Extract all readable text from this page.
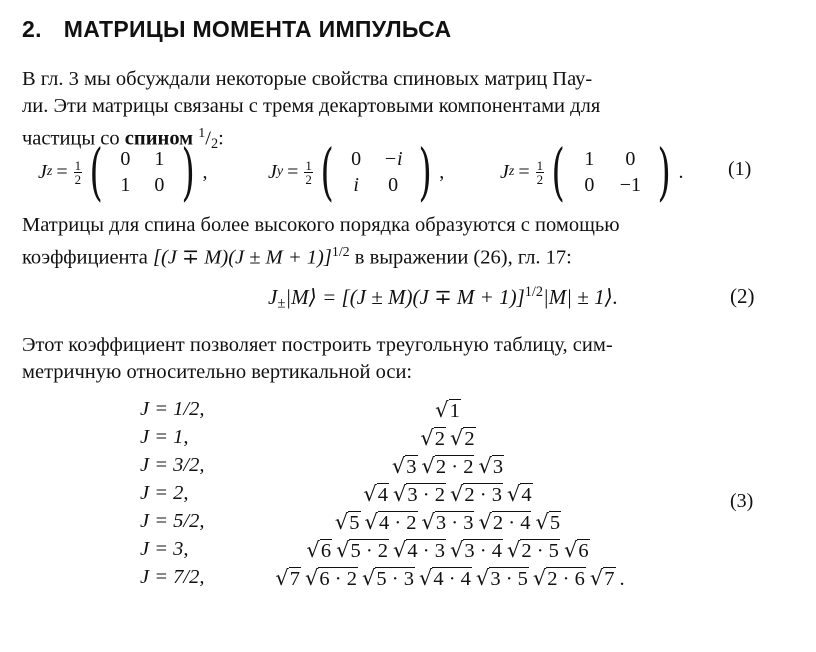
2. МАТРИЦЫ МОМЕНТА ИМПУЛЬСА
В гл. 3 мы обсуждали некоторые свойства спиновых матриц Пау-
ли. Эти матрицы связаны с тремя декартовыми компонентами для
частицы со спином $^1/_2$:
J $z = \frac{1}{2}$ ( 0	1
1	0 ) ,	J $y = \frac{1}{2}$ ( 0	−i
i	0 ) ,	J $z = \frac{1}{2}$ ( 1	0
0	−1 ) . (1)
Матрицы для спина более высокого порядка образуются с помощью
коэффициента $[(J \mp M)(J \pm M + 1)]^{1/2}$ в выражении (26), гл. 17:
$J_\pm|M⟩ = [(J \pm M)(J \mp M + 1)]^{1/2}|M|$ ± 1⟩.	(2)
Этот коэффициент позволяет построить треугольную таблицу, сим-
метричную относительно вертикальной оси:
J = 1/2,	√1
J = 1,	√2 √2
J = 3/2,	√3 √2 · 2 √3
J = 2,	√4 √3 · 2 √2 · 3 √4
J = 5/2,	√5 √4 · 2 √3 · 3 √2 · 4 √5
J = 3,	√6 √5 · 2 √4 · 3 √3 · 4 √2 · 5 √6
J = 7/2,	√7 √6 · 2 √5 · 3 √4 · 4 √3 · 5 √2 · 6 √7 .
(3)
